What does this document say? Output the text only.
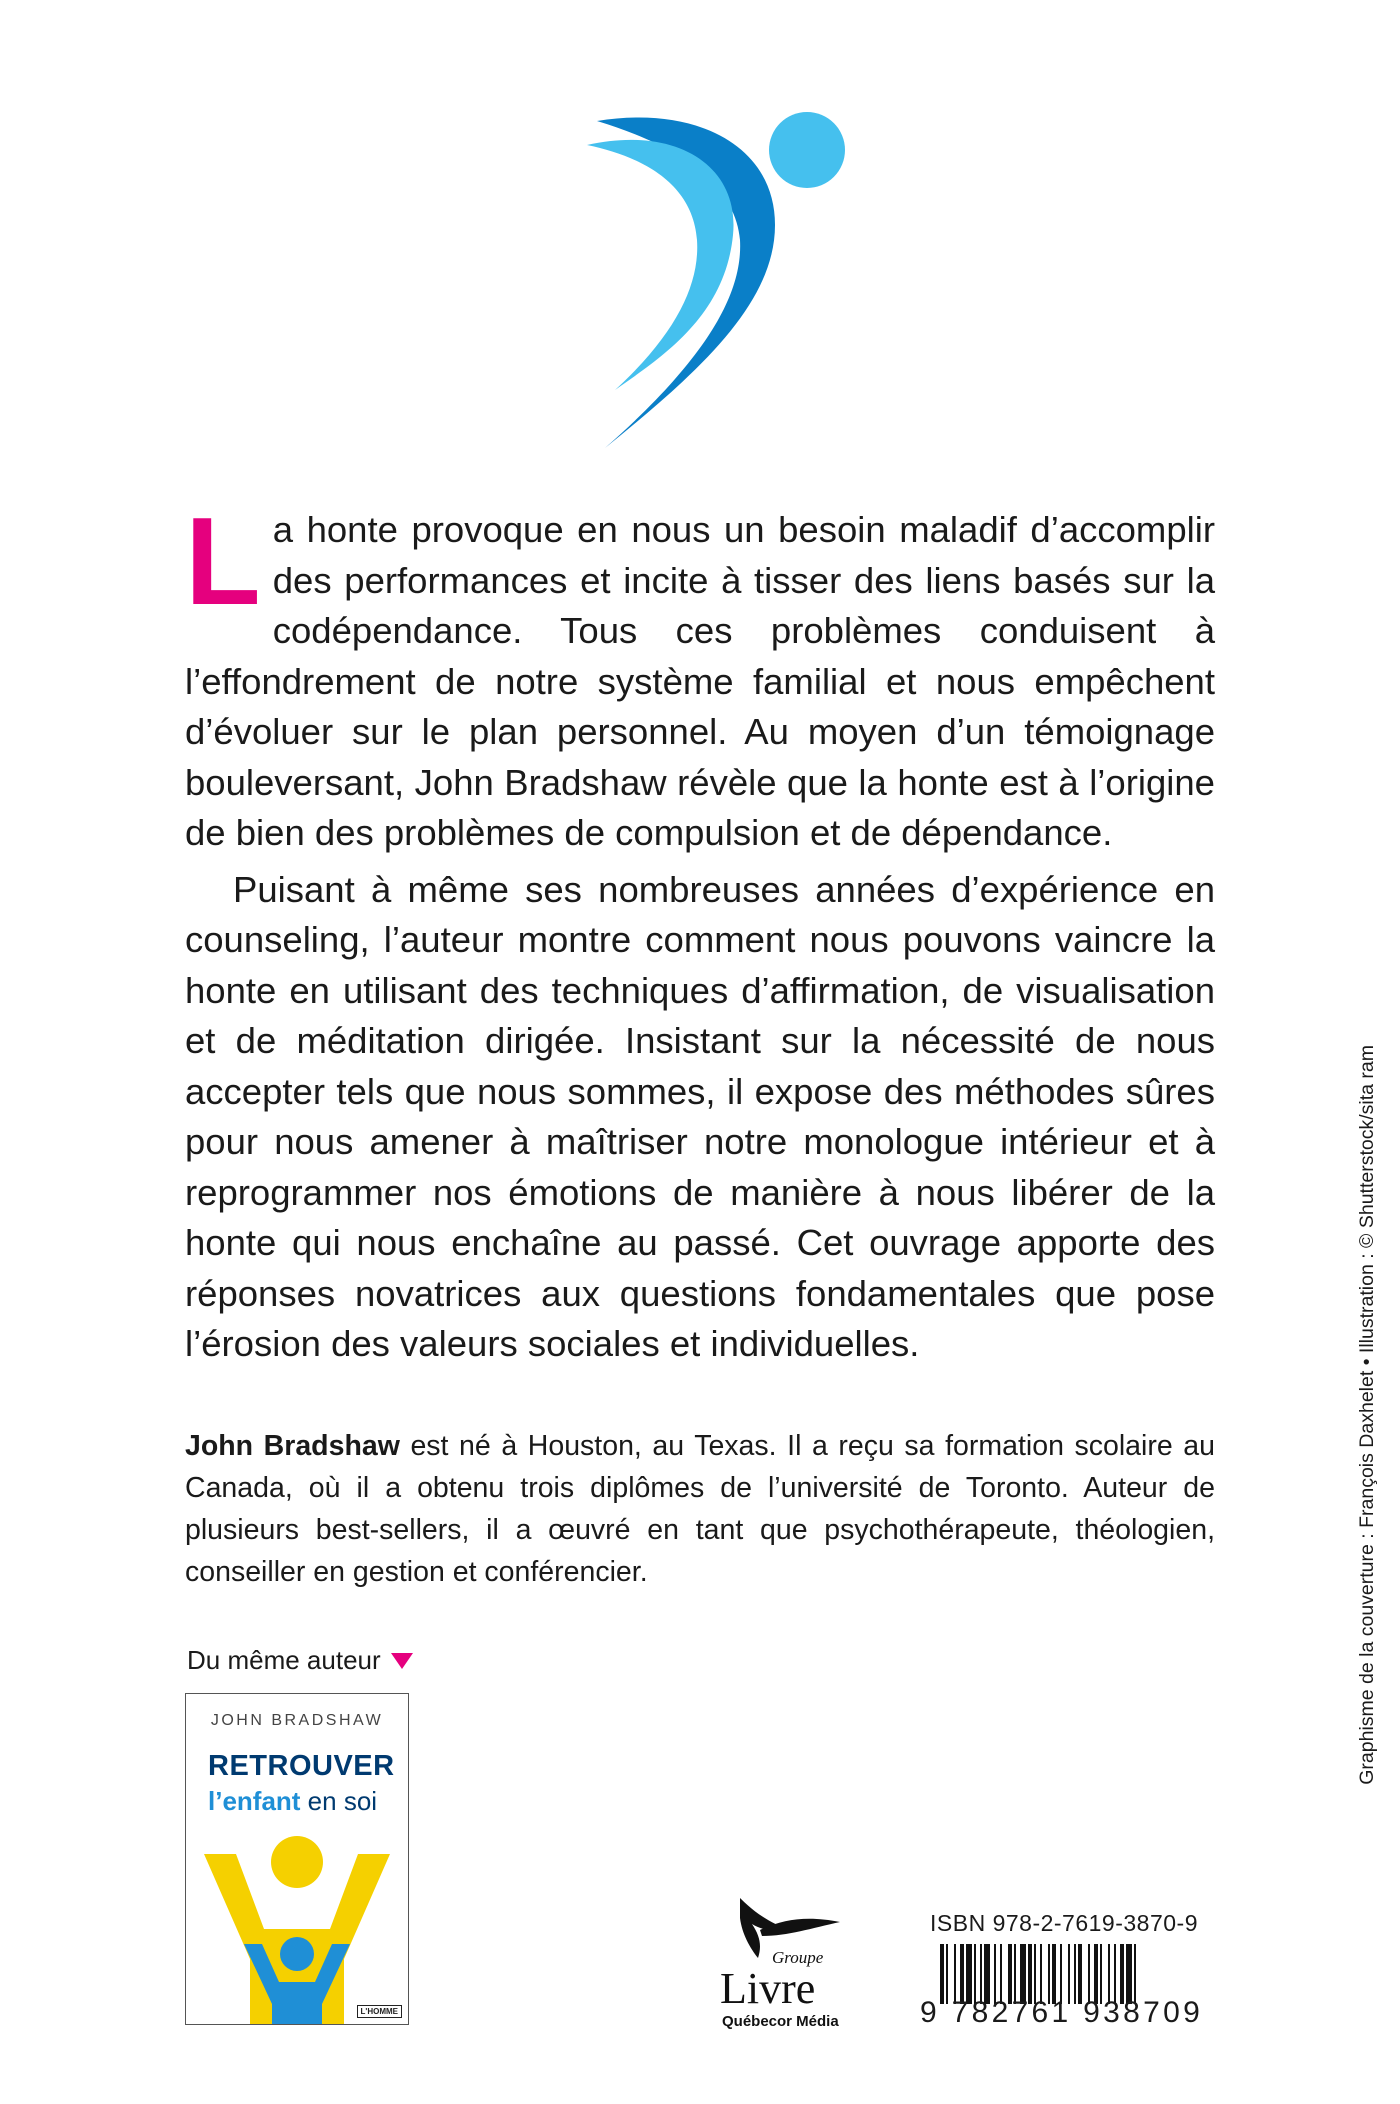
La honte provoque en nous un besoin maladif d’accomplir des performances et incite à tisser des liens basés sur la codépendance. Tous ces problèmes conduisent à l’effondrement de notre système familial et nous empêchent d’évoluer sur le plan personnel. Au moyen d’un témoignage bouleversant, John Bradshaw révèle que la honte est à l’origine de bien des problèmes de compulsion et de dépendance.

Puisant à même ses nombreuses années d’expérience en counseling, l’auteur montre comment nous pouvons vaincre la honte en utilisant des techniques d’affirmation, de visualisation et de méditation dirigée. Insistant sur la nécessité de nous accepter tels que nous sommes, il expose des méthodes sûres pour nous amener à maîtriser notre monologue intérieur et à reprogrammer nos émotions de manière à nous libérer de la honte qui nous enchaîne au passé. Cet ouvrage apporte des réponses novatrices aux questions fondamentales que pose l’érosion des valeurs sociales et individuelles.

John Bradshaw est né à Houston, au Texas. Il a reçu sa formation scolaire au Canada, où il a obtenu trois diplômes de l’université de Toronto. Auteur de plusieurs best-sellers, il a œuvré en tant que psychothérapeute, théologien, conseiller en gestion et conférencier.
Du même auteur
JOHN BRADSHAW
RETROUVER
l’enfant en soi
L'HOMME
Groupe
Livre
Québecor Média
ISBN 978-2-7619-3870-9
9 782761 938709
Graphisme de la couverture : François Daxhelet • Illustration : © Shutterstock/sita ram
